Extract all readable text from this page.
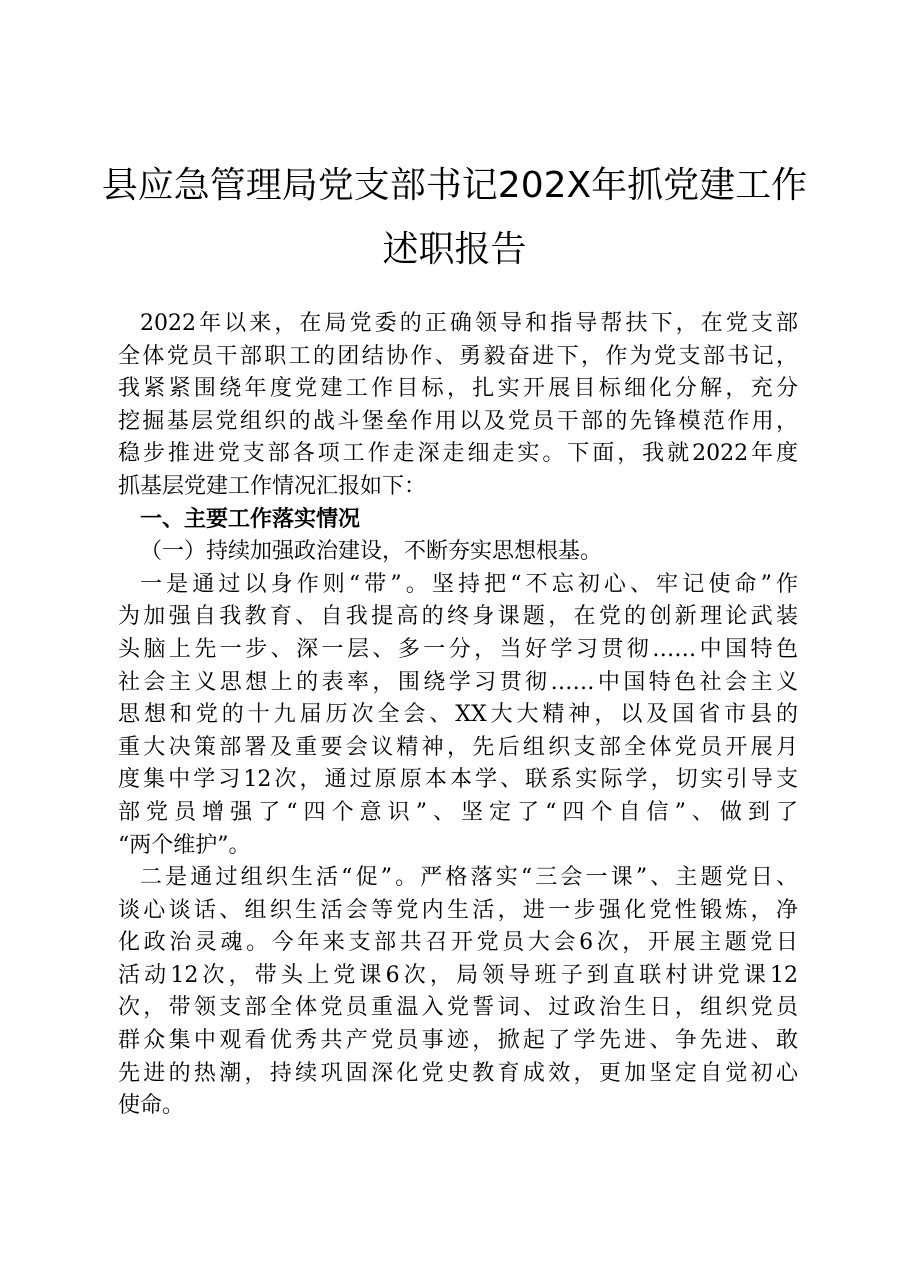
县应急管理局党支部书记202X年抓党建工作
述职报告
2022年以来，在局党委的正确领导和指导帮扶下，在党支部
全体党员干部职工的团结协作、勇毅奋进下，作为党支部书记，
我紧紧围绕年度党建工作目标，扎实开展目标细化分解，充分
挖掘基层党组织的战斗堡垒作用以及党员干部的先锋模范作用，
稳步推进党支部各项工作走深走细走实。下面，我就2022年度
抓基层党建工作情况汇报如下：
一、主要工作落实情况
（一）持续加强政治建设，不断夯实思想根基。
一是通过以身作则“带”。坚持把“不忘初心、牢记使命”作
为加强自我教育、自我提高的终身课题，在党的创新理论武装
头脑上先一步、深一层、多一分，当好学习贯彻……中国特色
社会主义思想上的表率，围绕学习贯彻……中国特色社会主义
思想和党的十九届历次全会、XX大大精神，以及国省市县的
重大决策部署及重要会议精神，先后组织支部全体党员开展月
度集中学习12次，通过原原本本学、联系实际学，切实引导支
部党员增强了“四个意识”、坚定了“四个自信”、做到了
“两个维护”。
二是通过组织生活“促”。严格落实“三会一课”、主题党日、
谈心谈话、组织生活会等党内生活，进一步强化党性锻炼，净
化政治灵魂。今年来支部共召开党员大会6次，开展主题党日
活动12次，带头上党课6次，局领导班子到直联村讲党课12
次，带领支部全体党员重温入党誓词、过政治生日，组织党员
群众集中观看优秀共产党员事迹，掀起了学先进、争先进、敢
先进的热潮，持续巩固深化党史教育成效，更加坚定自觉初心
使命。
